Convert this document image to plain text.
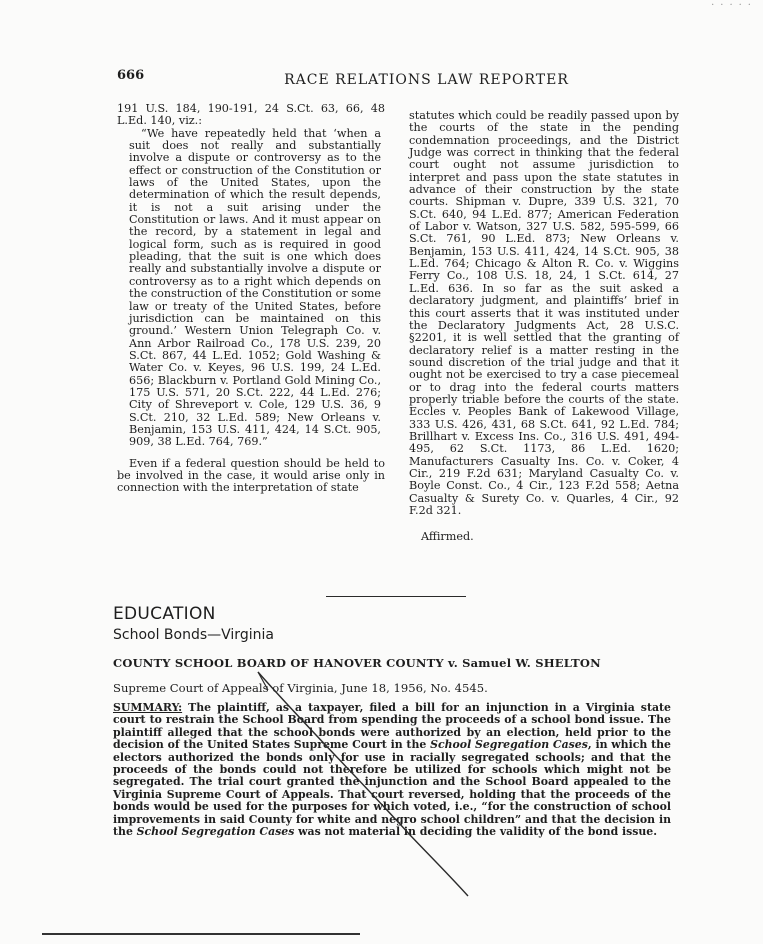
·····
666	RACE RELATIONS LAW REPORTER

191 U.S. 184, 190-191, 24 S.Ct. 63, 66, 48 L.Ed. 140, viz.:

“We have repeatedly held that ‘when a suit does not really and substantially involve a dispute or controversy as to the effect or construction of the Constitution or laws of the United States, upon the determination of which the result depends, it is not a suit arising under the Constitution or laws. And it must appear on the record, by a statement in legal and logical form, such as is required in good pleading, that the suit is one which does really and substantially involve a dispute or controversy as to a right which depends on the construction of the Constitution or some law or treaty of the United States, before jurisdiction can be maintained on this ground.’ Western Union Telegraph Co. v. Ann Arbor Railroad Co., 178 U.S. 239, 20 S.Ct. 867, 44 L.Ed. 1052; Gold Washing & Water Co. v. Keyes, 96 U.S. 199, 24 L.Ed. 656; Blackburn v. Portland Gold Mining Co., 175 U.S. 571, 20 S.Ct. 222, 44 L.Ed. 276; City of Shreveport v. Cole, 129 U.S. 36, 9 S.Ct. 210, 32 L.Ed. 589; New Orleans v. Benjamin, 153 U.S. 411, 424, 14 S.Ct. 905, 909, 38 L.Ed. 764, 769.”

Even if a federal question should be held to be involved in the case, it would arise only in connection with the interpretation of state

statutes which could be readily passed upon by the courts of the state in the pending condemnation proceedings, and the District Judge was correct in thinking that the federal court ought not assume jurisdiction to interpret and pass upon the state statutes in advance of their construction by the state courts. Shipman v. Dupre, 339 U.S. 321, 70 S.Ct. 640, 94 L.Ed. 877; American Federation of Labor v. Watson, 327 U.S. 582, 595-599, 66 S.Ct. 761, 90 L.Ed. 873; New Orleans v. Benjamin, 153 U.S. 411, 424, 14 S.Ct. 905, 38 L.Ed. 764; Chicago & Alton R. Co. v. Wiggins Ferry Co., 108 U.S. 18, 24, 1 S.Ct. 614, 27 L.Ed. 636. In so far as the suit asked a declaratory judgment, and plaintiffs’ brief in this court asserts that it was instituted under the Declaratory Judgments Act, 28 U.S.C. §2201, it is well settled that the granting of declaratory relief is a matter resting in the sound discretion of the trial judge and that it ought not be exercised to try a case piecemeal or to drag into the federal courts matters properly triable before the courts of the state. Eccles v. Peoples Bank of Lakewood Village, 333 U.S. 426, 431, 68 S.Ct. 641, 92 L.Ed. 784; Brillhart v. Excess Ins. Co., 316 U.S. 491, 494-495, 62 S.Ct. 1173, 86 L.Ed. 1620; Manufacturers Casualty Ins. Co. v. Coker, 4 Cir., 219 F.2d 631; Maryland Casualty Co. v. Boyle Const. Co., 4 Cir., 123 F.2d 558; Aetna Casualty & Surety Co. v. Quarles, 4 Cir., 92 F.2d 321.

Affirmed.

EDUCATION
School Bonds—Virginia
COUNTY SCHOOL BOARD OF HANOVER COUNTY v. Samuel W. SHELTON
Supreme Court of Appeals of Virginia, June 18, 1956, No. 4545.
SUMMARY: The plaintiff, as a taxpayer, filed a bill for an injunction in a Virginia state court to restrain the School Board from spending the proceeds of a school bond issue. The plaintiff alleged that the school bonds were authorized by an election, held prior to the decision of the United States Supreme Court in the School Segregation Cases, in which the electors authorized the bonds only for use in racially segregated schools; and that the proceeds of the bonds could not therefore be utilized for schools which might not be segregated. The trial court granted the injunction and the School Board appealed to the Virginia Supreme Court of Appeals. That court reversed, holding that the proceeds of the bonds would be used for the purposes for which voted, i.e., “for the construction of school improvements in said County for white and negro school children” and that the decision in the School Segregation Cases was not material in deciding the validity of the bond issue.
